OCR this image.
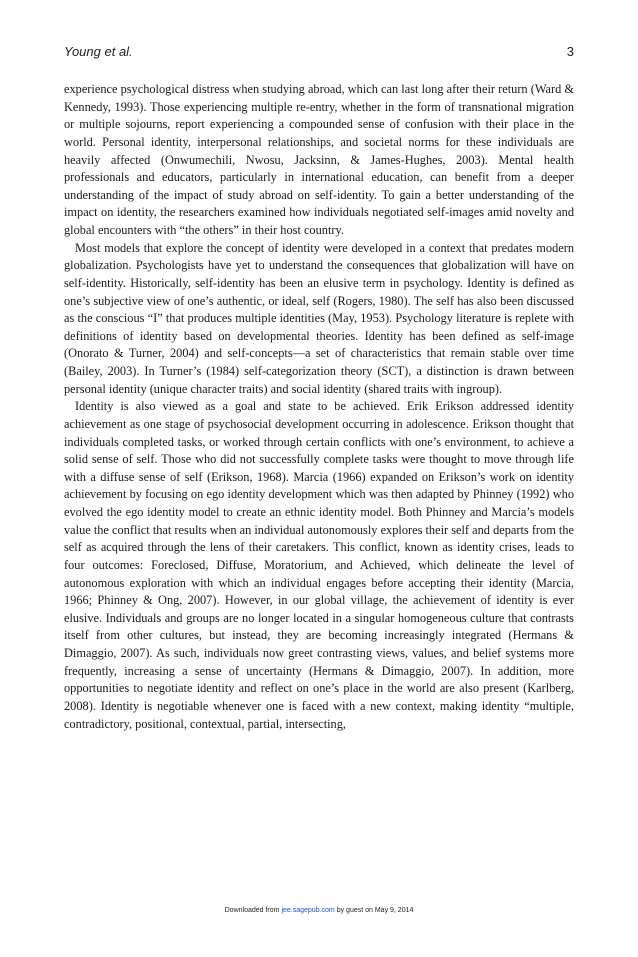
Young et al.	3

experience psychological distress when studying abroad, which can last long after their return (Ward & Kennedy, 1993). Those experiencing multiple re-entry, whether in the form of transnational migration or multiple sojourns, report experiencing a compounded sense of confusion with their place in the world. Personal identity, interpersonal relationships, and societal norms for these individuals are heavily affected (Onwumechili, Nwosu, Jacksinn, & James-Hughes, 2003). Mental health professionals and educators, particularly in international education, can benefit from a deeper understanding of the impact of study abroad on self-identity. To gain a better understanding of the impact on identity, the researchers examined how individuals negotiated self-images amid novelty and global encounters with “the others” in their host country.

Most models that explore the concept of identity were developed in a context that predates modern globalization. Psychologists have yet to understand the consequences that globalization will have on self-identity. Historically, self-identity has been an elusive term in psychology. Identity is defined as one’s subjective view of one’s authentic, or ideal, self (Rogers, 1980). The self has also been discussed as the conscious “I” that produces multiple identities (May, 1953). Psychology literature is replete with definitions of identity based on developmental theories. Identity has been defined as self-image (Onorato & Turner, 2004) and self-concepts—a set of characteristics that remain stable over time (Bailey, 2003). In Turner’s (1984) self-categorization theory (SCT), a distinction is drawn between personal identity (unique character traits) and social identity (shared traits with ingroup).

Identity is also viewed as a goal and state to be achieved. Erik Erikson addressed identity achievement as one stage of psychosocial development occurring in adolescence. Erikson thought that individuals completed tasks, or worked through certain conflicts with one’s environment, to achieve a solid sense of self. Those who did not successfully complete tasks were thought to move through life with a diffuse sense of self (Erikson, 1968). Marcia (1966) expanded on Erikson’s work on identity achievement by focusing on ego identity development which was then adapted by Phinney (1992) who evolved the ego identity model to create an ethnic identity model. Both Phinney and Marcia’s models value the conflict that results when an individual autonomously explores their self and departs from the self as acquired through the lens of their caretakers. This conflict, known as identity crises, leads to four outcomes: Foreclosed, Diffuse, Moratorium, and Achieved, which delineate the level of autonomous exploration with which an individual engages before accepting their identity (Marcia, 1966; Phinney & Ong, 2007). However, in our global village, the achievement of identity is ever elusive. Individuals and groups are no longer located in a singular homogeneous culture that contrasts itself from other cultures, but instead, they are becoming increasingly integrated (Hermans & Dimaggio, 2007). As such, individuals now greet contrasting views, values, and belief systems more frequently, increasing a sense of uncertainty (Hermans & Dimaggio, 2007). In addition, more opportunities to negotiate identity and reflect on one’s place in the world are also present (Karlberg, 2008). Identity is negotiable whenever one is faced with a new context, making identity “multiple, contradictory, positional, contextual, partial, intersecting,

Downloaded from jee.sagepub.com by guest on May 9, 2014
